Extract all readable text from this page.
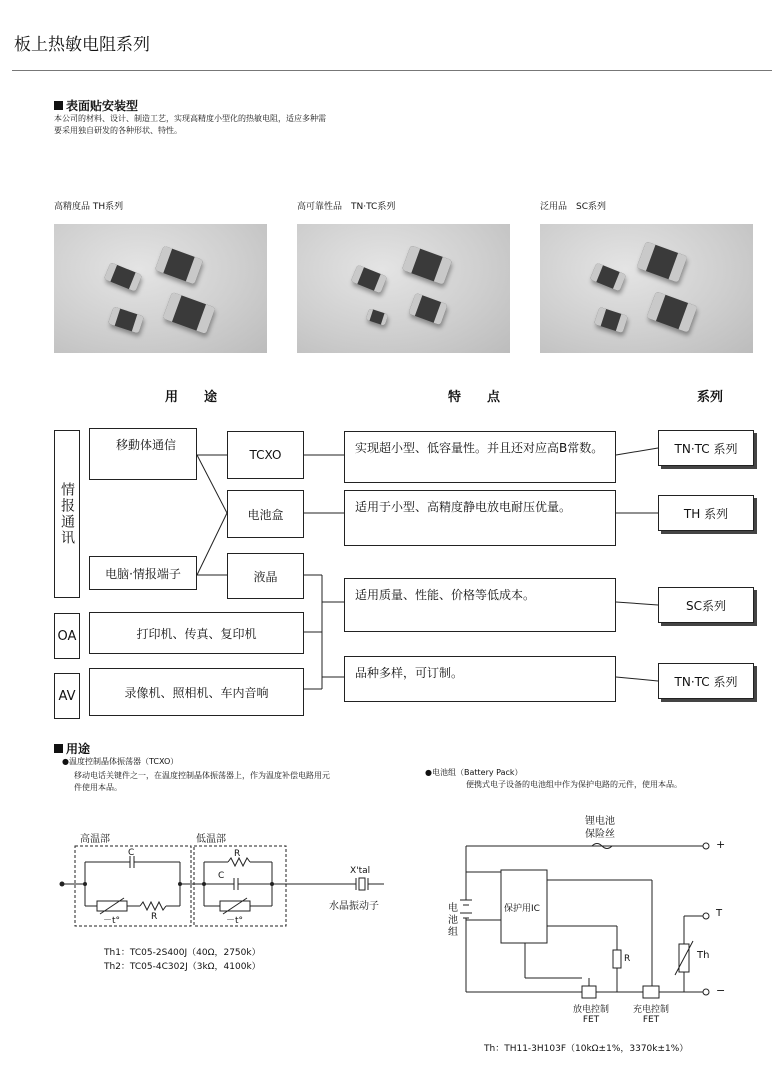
板上热敏电阻系列
表面贴安装型
本公司的材料、设计、制造工艺，实现高精度小型化的热敏电阻，适应多种需
要采用独自研发的各种形状、特性。
高精度品 TH系列	高可靠性品　TN·TC系列	泛用品　SC系列
用　　途	特　　点	系列
情报通讯
OA
AV
移動体通信
电脑·情报端子
打印机、传真、复印机
录像机、照相机、车内音响
TCXO
电池盒
液晶
实现超小型、低容量性。并且还对应高B常数。
适用于小型、高精度静电放电耐压优量。
适用质量、性能、价格等低成本。
品种多样，可订制。
TN·TC 系列
TH 系列
SC系列
TN·TC 系列
用途
●温度控制晶体振荡器（TCXO）
移动电话关键件之一，在温度控制晶体振荡器上，作为温度补偿电路用元
件使用本品。
●电池组（Battery Pack）
便携式电子设备的电池组中作为保护电路的元件，使用本品。
高温部	低温部
C
－t°	R
R
C
－t°
X'tal
水晶振动子
Th1：TC05-2S400J（40Ω，2750k）
Th2：TC05-4C302J（3kΩ，4100k）
锂电池
保险丝
电池组
保护用IC
R	Th
+
T
−
放电控制
FET
充电控制
FET
Th：TH11-3H103F（10kΩ±1%，3370k±1%）
